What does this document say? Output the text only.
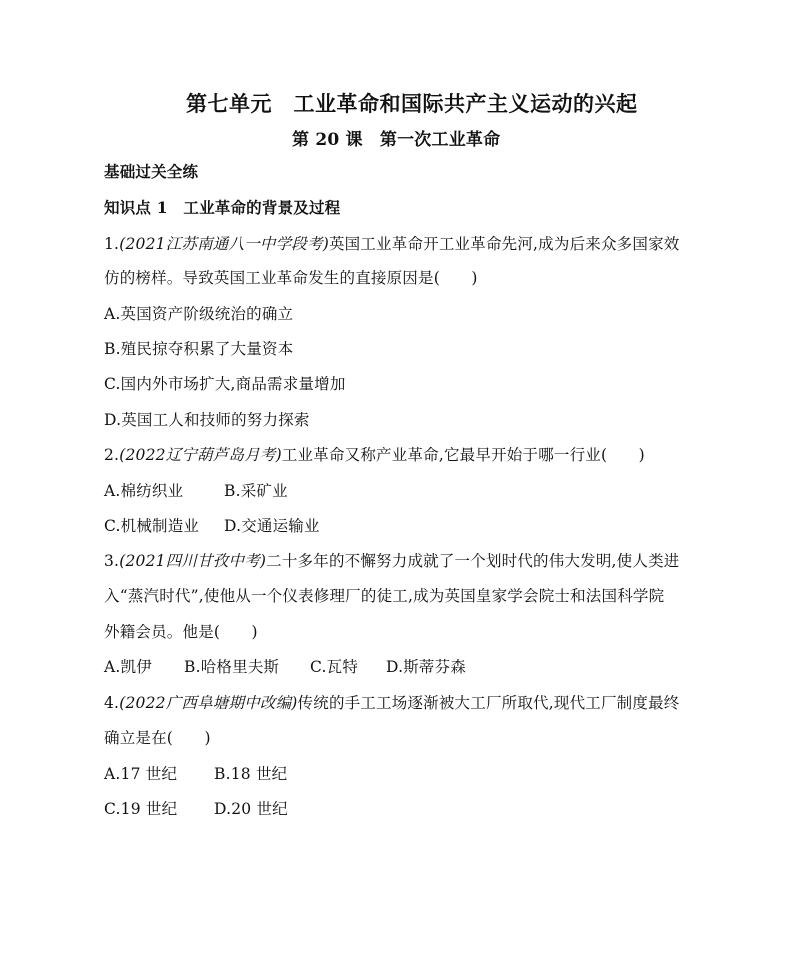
第七单元　工业革命和国际共产主义运动的兴起
第 20 课　第一次工业革命
基础过关全练
知识点 1　工业革命的背景及过程
1.(2021江苏南通八一中学段考)英国工业革命开工业革命先河,成为后来众多国家效
仿的榜样。导致英国工业革命发生的直接原因是(　　)
A.英国资产阶级统治的确立
B.殖民掠夺积累了大量资本
C.国内外市场扩大,商品需求量增加
D.英国工人和技师的努力探索
2.(2022辽宁葫芦岛月考)工业革命又称产业革命,它最早开始于哪一行业(　　)
A.棉纺织业	B.采矿业
C.机械制造业 D.交通运输业
3.(2021四川甘孜中考)二十多年的不懈努力成就了一个划时代的伟大发明,使人类进
入“蒸汽时代”,使他从一个仪表修理厂的徒工,成为英国皇家学会院士和法国科学院
外籍会员。他是(　　)
A.凯伊 B.哈格里夫斯 C.瓦特 D.斯蒂芬森
4.(2022广西阜塘期中改编)传统的手工工场逐渐被大工厂所取代,现代工厂制度最终
确立是在(　　)
A.17 世纪 B.18 世纪
C.19 世纪 D.20 世纪
